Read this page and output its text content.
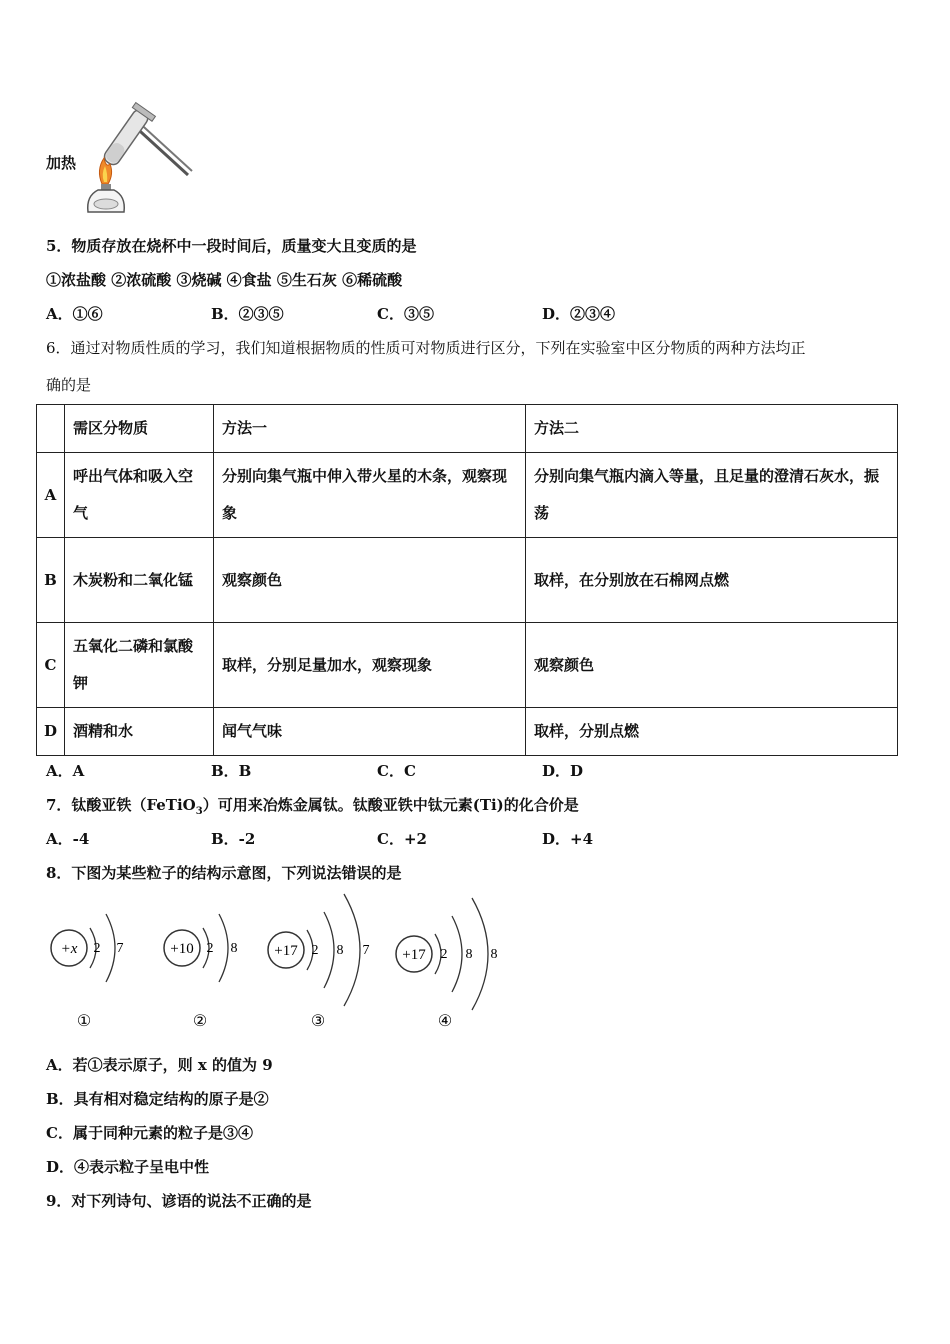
加热
5．物质存放在烧杯中一段时间后，质量变大且变质的是
①浓盐酸 ②浓硫酸 ③烧碱 ④食盐 ⑤生石灰 ⑥稀硫酸
A．①⑥	B．②③⑤	C．③⑤	D．②③④
6．通过对物质性质的学习，我们知道根据物质的性质可对物质进行区分，下列在实验室中区分物质的两种方法均正
确的是
	需区分物质	方法一	方法二
A	呼出气体和吸入空气	分别向集气瓶中伸入带火星的木条，观察现象	分别向集气瓶内滴入等量，且足量的澄清石灰水，振荡
B	木炭粉和二氧化锰	观察颜色	取样，在分别放在石棉网点燃
C	五氧化二磷和氯酸钾	取样，分别足量加水，观察现象	观察颜色
D	酒精和水	闻气气味	取样，分别点燃
A．A	B．B	C．C	D．D
7．钛酸亚铁（FeTiO$_3$）可用来冶炼金属钛。钛酸亚铁中钛元素(Ti)的化合价是
A．-4	B．-2	C．+2	D．+4
8．下图为某些粒子的结构示意图，下列说法错误的是
+x 2 7
①
+10 2 8
②
+17 2 8 7
③
+17 2 8 8
④
A．若①表示原子，则 x 的值为 9
B．具有相对稳定结构的原子是②
C．属于同种元素的粒子是③④
D．④表示粒子呈电中性
9．对下列诗句、谚语的说法不正确的是
